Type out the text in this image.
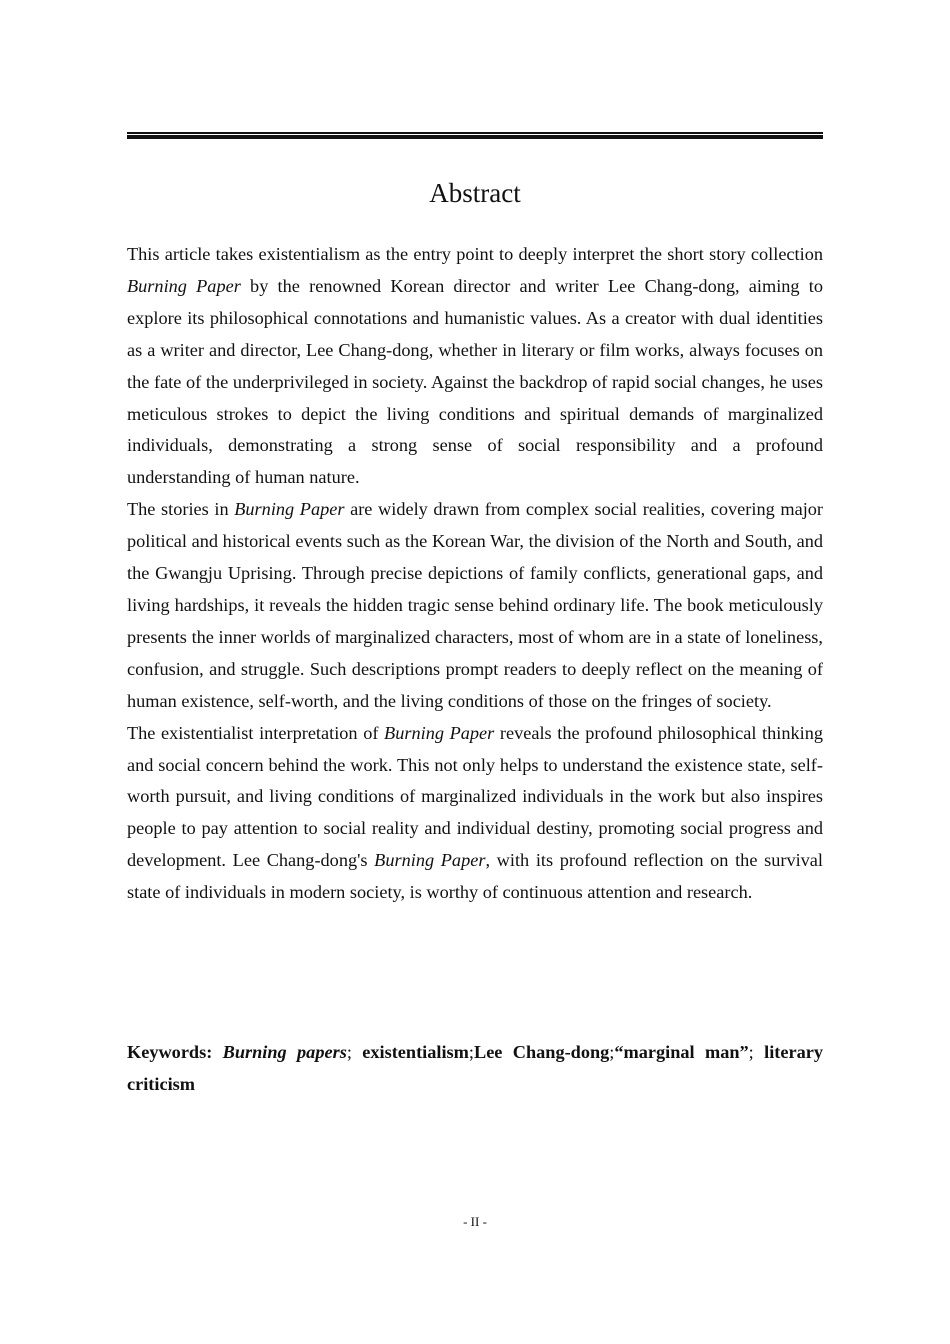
Abstract

This article takes existentialism as the entry point to deeply interpret the short story collection Burning Paper by the renowned Korean director and writer Lee Chang-dong, aiming to explore its philosophical connotations and humanistic values. As a creator with dual identities as a writer and director, Lee Chang-dong, whether in literary or film works, always focuses on the fate of the underprivileged in society. Against the backdrop of rapid social changes, he uses meticulous strokes to depict the living conditions and spiritual demands of marginalized individuals, demonstrating a strong sense of social responsibility and a profound understanding of human nature.

The stories in Burning Paper are widely drawn from complex social realities, covering major political and historical events such as the Korean War, the division of the North and South, and the Gwangju Uprising. Through precise depictions of family conflicts, generational gaps, and living hardships, it reveals the hidden tragic sense behind ordinary life. The book meticulously presents the inner worlds of marginalized characters, most of whom are in a state of loneliness, confusion, and struggle. Such descriptions prompt readers to deeply reflect on the meaning of human existence, self-worth, and the living conditions of those on the fringes of society.

The existentialist interpretation of Burning Paper reveals the profound philosophical thinking and social concern behind the work. This not only helps to understand the existence state, self-worth pursuit, and living conditions of marginalized individuals in the work but also inspires people to pay attention to social reality and individual destiny, promoting social progress and development. Lee Chang-dong's Burning Paper, with its profound reflection on the survival state of individuals in modern society, is worthy of continuous attention and research.

Keywords: Burning papers; existentialism;Lee Chang-dong;“marginal man”; literary criticism
- II -
